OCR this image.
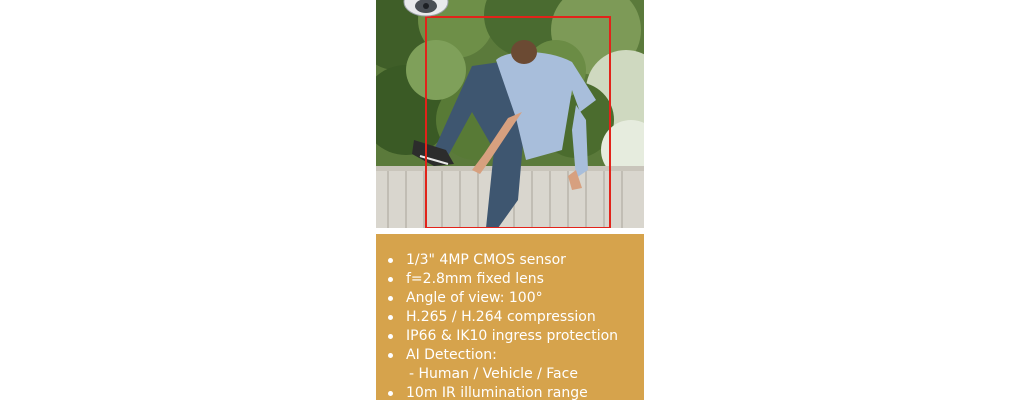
1/3" 4MP CMOS sensor
f=2.8mm fixed lens
Angle of view: 100°
H.265 / H.264 compression
IP66 & IK10 ingress protection
AI Detection:
- Human / Vehicle / Face
10m IR illumination range
